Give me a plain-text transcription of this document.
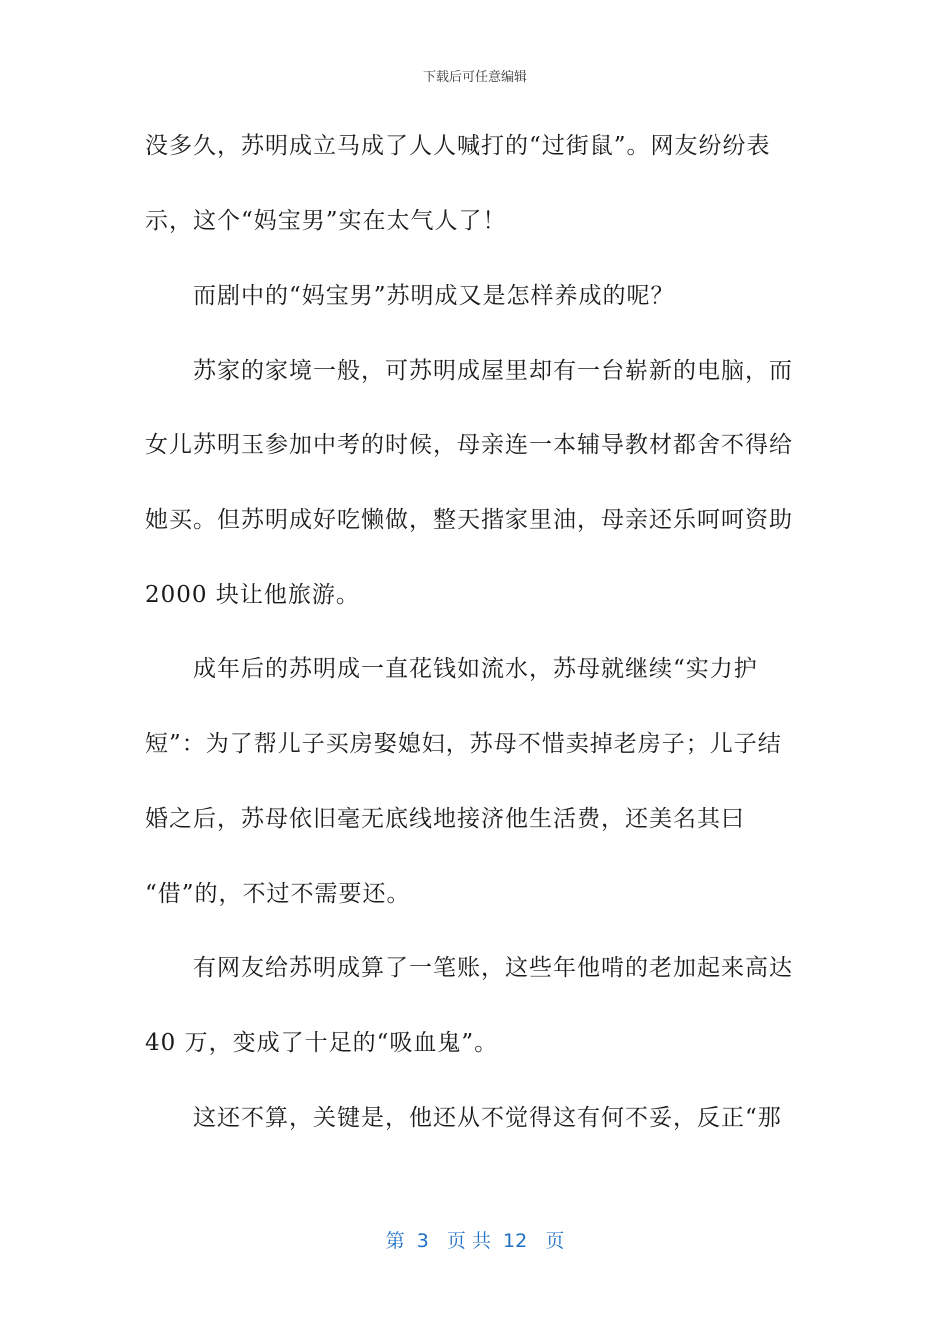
下载后可任意编辑
没多久，苏明成立马成了人人喊打的“过街鼠”。网友纷纷表
示，这个“妈宝男”实在太气人了！
而剧中的“妈宝男”苏明成又是怎样养成的呢？
苏家的家境一般，可苏明成屋里却有一台崭新的电脑，而
女儿苏明玉参加中考的时候，母亲连一本辅导教材都舍不得给
她买。但苏明成好吃懒做，整天揩家里油，母亲还乐呵呵资助
2000 块让他旅游。
成年后的苏明成一直花钱如流水，苏母就继续“实力护
短”：为了帮儿子买房娶媳妇，苏母不惜卖掉老房子；儿子结
婚之后，苏母依旧毫无底线地接济他生活费，还美名其曰
“借”的，不过不需要还。
有网友给苏明成算了一笔账，这些年他啃的老加起来高达
40 万，变成了十足的“吸血鬼”。
这还不算，关键是，他还从不觉得这有何不妥，反正“那
第  3   页 共  12   页
